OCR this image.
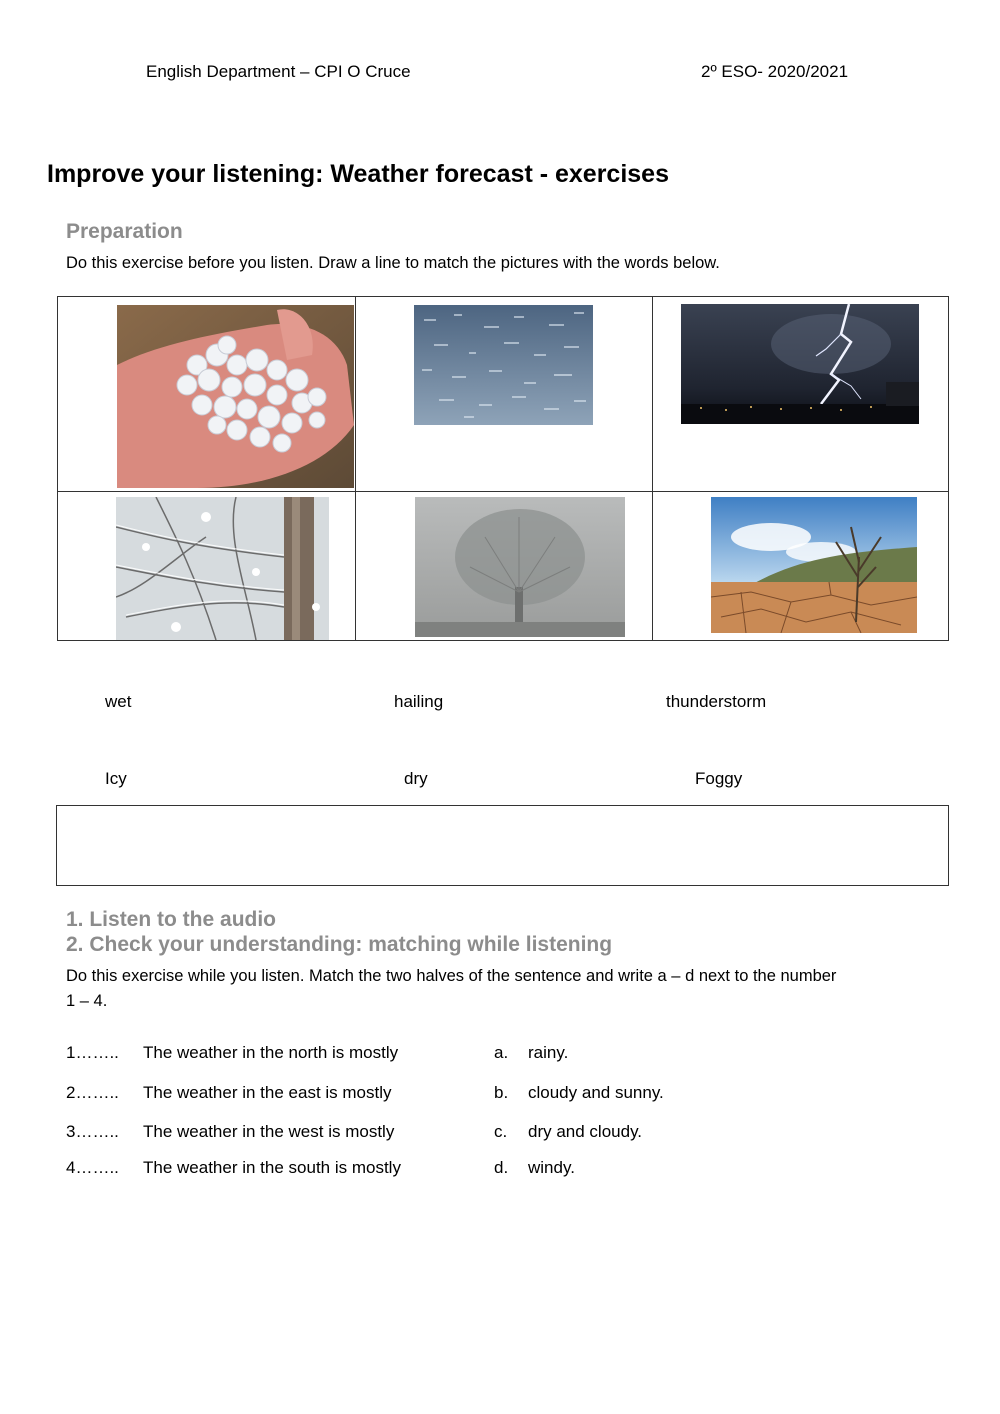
English Department – CPI O Cruce	2º ESO- 2020/2021
Improve your listening: Weather forecast - exercises
Preparation
Do this exercise before you listen. Draw a line to match the pictures with the words below.
wet	hailing	thunderstorm
Icy	dry	Foggy
1. Listen to the audio
2. Check your understanding: matching while listening
Do this exercise while you listen. Match the two halves of the sentence and write a – d next to the number
1 – 4.
1…….. The weather in the north is mostly	a. rainy.
2…….. The weather in the east is mostly	b. cloudy and sunny.
3…….. The weather in the west is mostly	c. dry and cloudy.
4…….. The weather in the south is mostly	d. windy.
